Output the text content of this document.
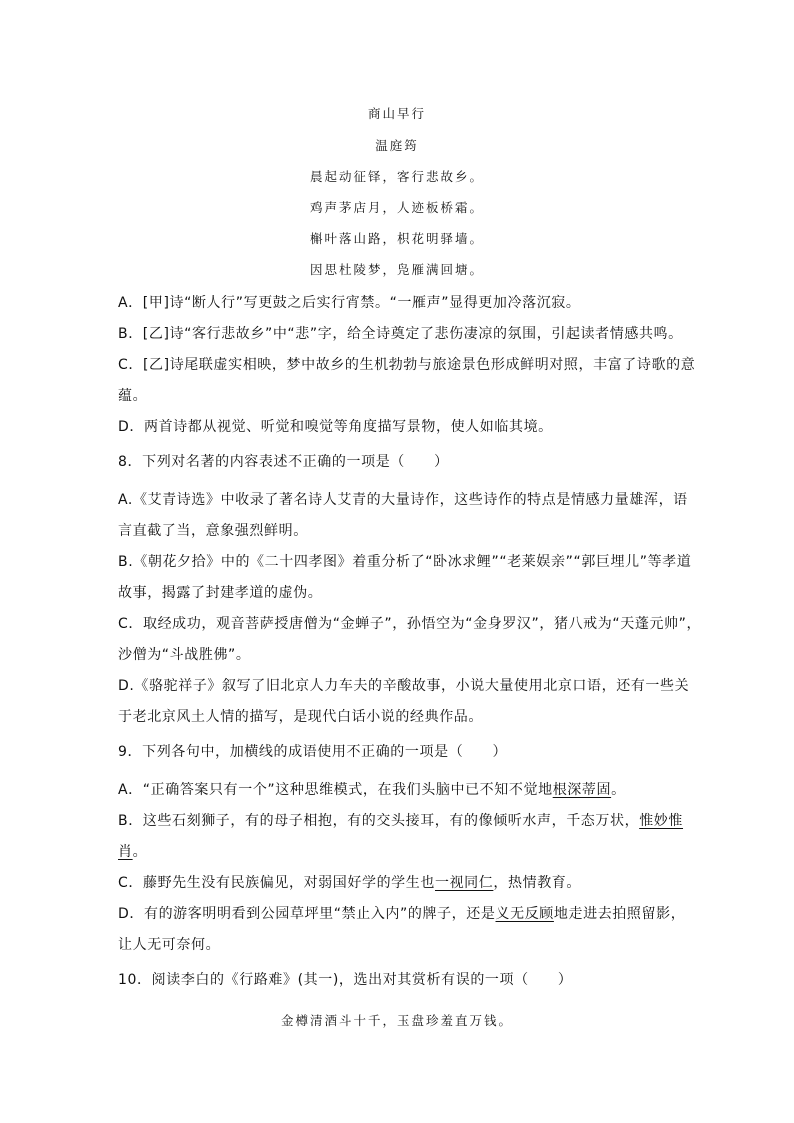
商山早行
温庭筠
晨起动征铎，客行悲故乡。
鸡声茅店月，人迹板桥霜。
槲叶落山路，枳花明驿墙。
因思杜陵梦，凫雁满回塘。
A．[甲]诗“断人行”写更鼓之后实行宵禁。“一雁声”显得更加冷落沉寂。
B．[乙]诗“客行悲故乡”中“悲”字，给全诗奠定了悲伤凄凉的氛围，引起读者情感共鸣。
C．[乙]诗尾联虚实相映，梦中故乡的生机勃勃与旅途景色形成鲜明对照，丰富了诗歌的意
蕴。
D．两首诗都从视觉、听觉和嗅觉等角度描写景物，使人如临其境。
8．下列对名著的内容表述不正确的一项是（　　）
A.《艾青诗选》中收录了著名诗人艾青的大量诗作，这些诗作的特点是情感力量雄浑，语
言直截了当，意象强烈鲜明。
B.《朝花夕拾》中的《二十四孝图》着重分析了“卧冰求鲤”“老莱娱亲”“郭巨埋儿”等孝道
故事，揭露了封建孝道的虚伪。
C．取经成功，观音菩萨授唐僧为“金蝉子”，孙悟空为“金身罗汉”，猪八戒为“天蓬元帅”，
沙僧为“斗战胜佛”。
D.《骆驼祥子》叙写了旧北京人力车夫的辛酸故事，小说大量使用北京口语，还有一些关
于老北京风土人情的描写，是现代白话小说的经典作品。
9．下列各句中，加横线的成语使用不正确的一项是（　　）
A．“正确答案只有一个”这种思维模式，在我们头脑中已不知不觉地根深蒂固。
B．这些石刻狮子，有的母子相抱，有的交头接耳，有的像倾听水声，千态万状，惟妙惟
肖。
C．藤野先生没有民族偏见，对弱国好学的学生也一视同仁，热情教育。
D．有的游客明明看到公园草坪里“禁止入内”的牌子，还是义无反顾地走进去拍照留影，
让人无可奈何。
10．阅读李白的《行路难》(其一)，选出对其赏析有误的一项（　　）
金樽清酒斗十千，玉盘珍羞直万钱。
